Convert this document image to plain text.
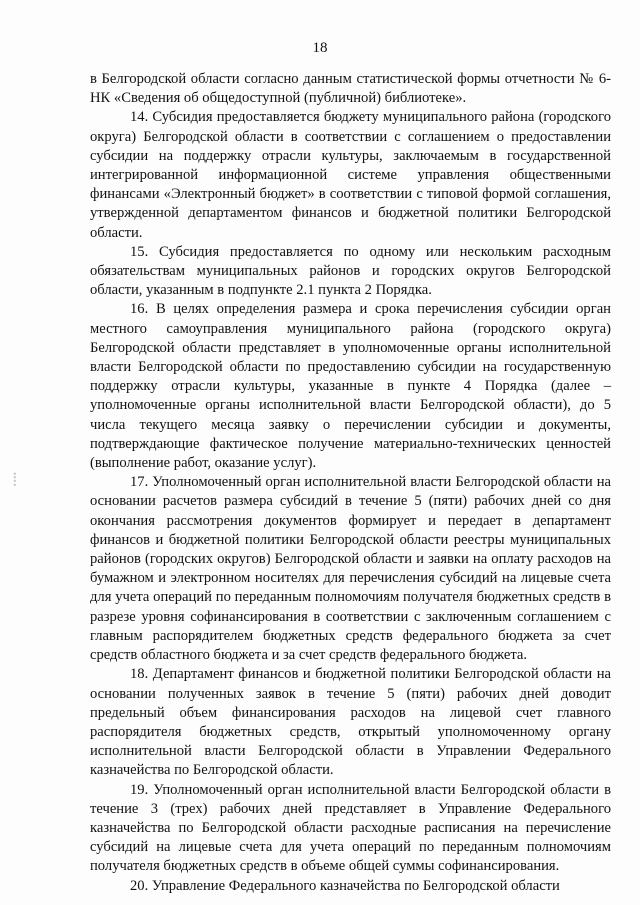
18
⁞

в Белгородской области согласно данным статистической формы отчетности № 6-НК «Сведения об общедоступной (публичной) библиотеке».

14. Субсидия предоставляется бюджету муниципального района (городского округа) Белгородской области в соответствии с соглашением о предоставлении субсидии на поддержку отрасли культуры, заключаемым в государственной интегрированной информационной системе управления общественными финансами «Электронный бюджет» в соответствии с типовой формой соглашения, утвержденной департаментом финансов и бюджетной политики Белгородской области.

15. Субсидия предоставляется по одному или нескольким расходным обязательствам муниципальных районов и городских округов Белгородской области, указанным в подпункте 2.1 пункта 2 Порядка.

16. В целях определения размера и срока перечисления субсидии орган местного самоуправления муниципального района (городского округа) Белгородской области представляет в уполномоченные органы исполнительной власти Белгородской области по предоставлению субсидии на государственную поддержку отрасли культуры, указанные в пункте 4 Порядка (далее – уполномоченные органы исполнительной власти Белгородской области), до 5 числа текущего месяца заявку о перечислении субсидии и документы, подтверждающие фактическое получение материально-технических ценностей (выполнение работ, оказание услуг).

17. Уполномоченный орган исполнительной власти Белгородской области на основании расчетов размера субсидий в течение 5 (пяти) рабочих дней со дня окончания рассмотрения документов формирует и передает в департамент финансов и бюджетной политики Белгородской области реестры муниципальных районов (городских округов) Белгородской области и заявки на оплату расходов на бумажном и электронном носителях для перечисления субсидий на лицевые счета для учета операций по переданным полномочиям получателя бюджетных средств в разрезе уровня софинансирования в соответствии с заключенным соглашением с главным распорядителем бюджетных средств федерального бюджета за счет средств областного бюджета и за счет средств федерального бюджета.

18. Департамент финансов и бюджетной политики Белгородской области на основании полученных заявок в течение 5 (пяти) рабочих дней доводит предельный объем финансирования расходов на лицевой счет главного распорядителя бюджетных средств, открытый уполномоченному органу исполнительной власти Белгородской области в Управлении Федерального казначейства по Белгородской области.

19. Уполномоченный орган исполнительной власти Белгородской области в течение 3 (трех) рабочих дней представляет в Управление Федерального казначейства по Белгородской области расходные расписания на перечисление субсидий на лицевые счета для учета операций по переданным полномочиям получателя бюджетных средств в объеме общей суммы софинансирования.

20. Управление Федерального казначейства по Белгородской области
